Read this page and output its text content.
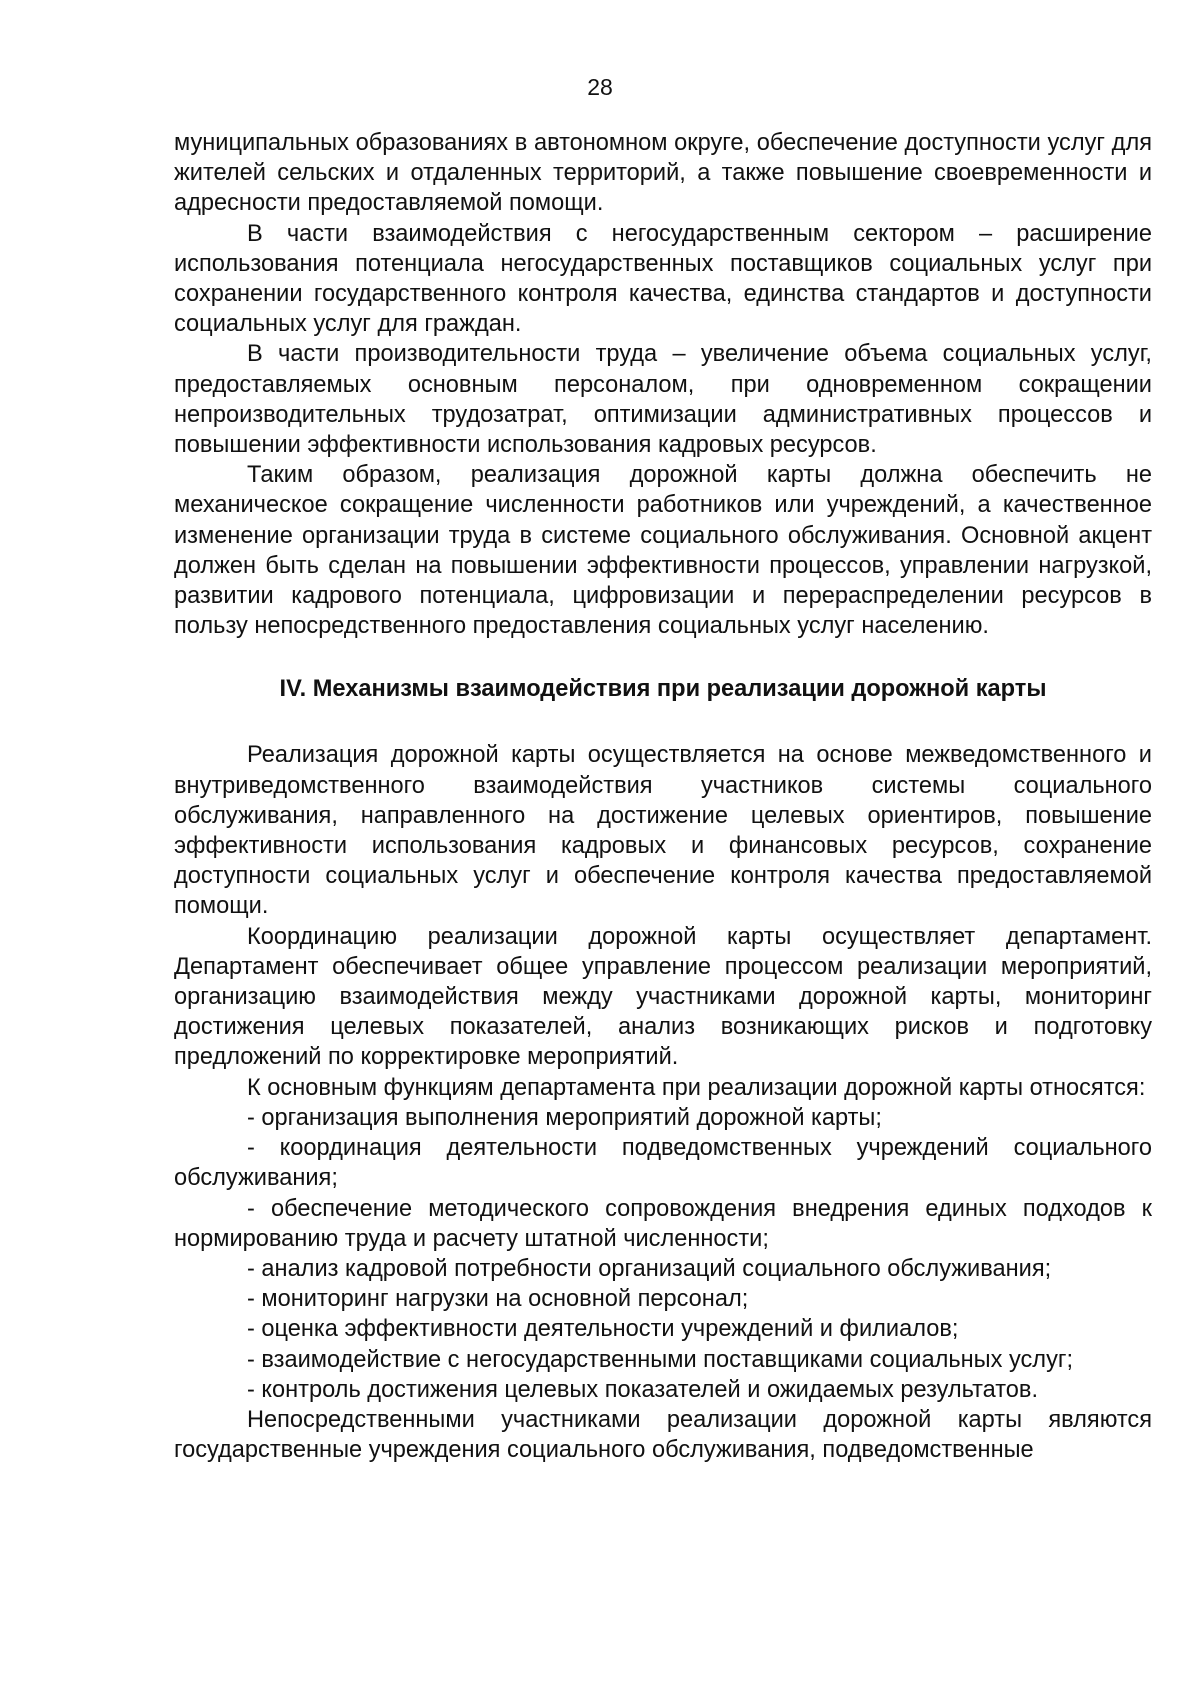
28

муниципальных образованиях в автономном округе, обеспечение доступности услуг для жителей сельских и отдаленных территорий, а также повышение своевременности и адресности предоставляемой помощи.

В части взаимодействия с негосударственным сектором – расширение использования потенциала негосударственных поставщиков социальных услуг при сохранении государственного контроля качества, единства стандартов и доступности социальных услуг для граждан.

В части производительности труда – увеличение объема социальных услуг, предоставляемых основным персоналом, при одновременном сокращении непроизводительных трудозатрат, оптимизации административных процессов и повышении эффективности использования кадровых ресурсов.

Таким образом, реализация дорожной карты должна обеспечить не механическое сокращение численности работников или учреждений, а качественное изменение организации труда в системе социального обслуживания. Основной акцент должен быть сделан на повышении эффективности процессов, управлении нагрузкой, развитии кадрового потенциала, цифровизации и перераспределении ресурсов в пользу непосредственного предоставления социальных услуг населению.

IV. Механизмы взаимодействия при реализации дорожной карты

Реализация дорожной карты осуществляется на основе межведомственного и внутриведомственного взаимодействия участников системы социального обслуживания, направленного на достижение целевых ориентиров, повышение эффективности использования кадровых и финансовых ресурсов, сохранение доступности социальных услуг и обеспечение контроля качества предоставляемой помощи.

Координацию реализации дорожной карты осуществляет департамент. Департамент обеспечивает общее управление процессом реализации мероприятий, организацию взаимодействия между участниками дорожной карты, мониторинг достижения целевых показателей, анализ возникающих рисков и подготовку предложений по корректировке мероприятий.

К основным функциям департамента при реализации дорожной карты относятся:

- организация выполнения мероприятий дорожной карты;

- координация деятельности подведомственных учреждений социального обслуживания;

- обеспечение методического сопровождения внедрения единых подходов к нормированию труда и расчету штатной численности;

- анализ кадровой потребности организаций социального обслуживания;

- мониторинг нагрузки на основной персонал;

- оценка эффективности деятельности учреждений и филиалов;

- взаимодействие с негосударственными поставщиками социальных услуг;

- контроль достижения целевых показателей и ожидаемых результатов.

Непосредственными участниками реализации дорожной карты являются государственные учреждения социального обслуживания, подведомственные
